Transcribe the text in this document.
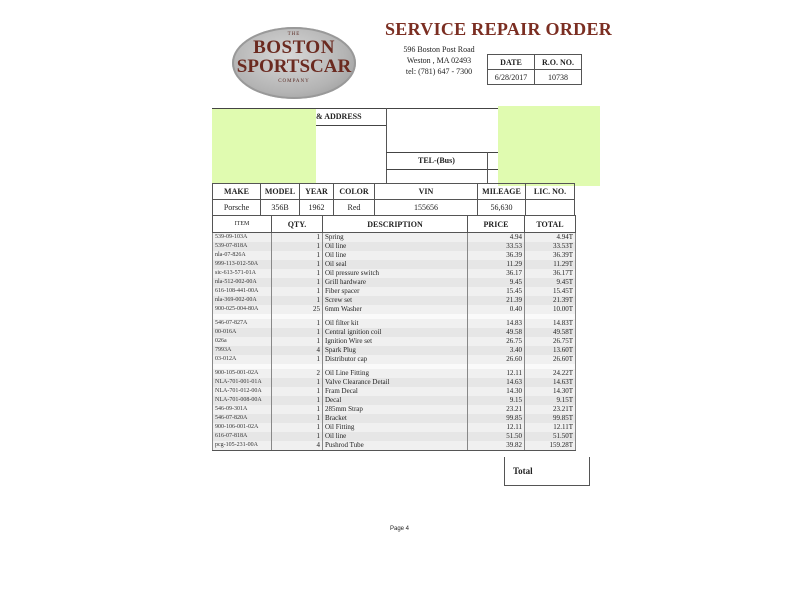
THE
BOSTON
SPORTSCAR
COMPANY
SERVICE REPAIR ORDER
596 Boston Post Road
Weston , MA 02493
tel: (781) 647 - 7300
DATE	R.O. NO.
6/28/2017	10738
& ADDRESS
TEL-(Bus)
MAKE	MODEL	YEAR	COLOR	VIN	MILEAGE	LIC. NO.
Porsche	356B	1962	Red	155656	56,630	
ITEM	QTY.	DESCRIPTION	PRICE	TOTAL
539-09-103A	1	Spring	4.94	4.94T
539-07-818A	1	Oil line	33.53	33.53T
nla-07-826A	1	Oil line	36.39	36.39T
999-113-012-50A	1	Oil seal	11.29	11.29T
sic-613-571-01A	1	Oil pressure switch	36.17	36.17T
nla-512-002-00A	1	Grill hardware	9.45	9.45T
616-108-441-00A	1	Fiber spacer	15.45	15.45T
nla-369-002-00A	1	Screw set	21.39	21.39T
900-025-004-80A	25	6mm Washer	0.40	10.00T

546-07-827A	1	Oil filter kit	14.83	14.83T
00-016A	1	Central ignition coil	49.58	49.58T
026a	1	Ignition Wire set	26.75	26.75T
7993A	4	Spark Plug	3.40	13.60T
03-012A	1	Distributor cap	26.60	26.60T

900-105-001-02A	2	Oil Line Fitting	12.11	24.22T
NLA-701-001-01A	1	Valve Clearance Detail	14.63	14.63T
NLA-701-012-00A	1	Fram Decal	14.30	14.30T
NLA-701-008-00A	1	Decal	9.15	9.15T
546-09-301A	1	285mm Strap	23.21	23.21T
546-07-820A	1	Bracket	99.85	99.85T
900-106-001-02A	1	Oil Fitting	12.11	12.11T
616-07-818A	1	Oil line	51.50	51.50T
pcg-105-231-00A	4	Pushrod Tube	39.82	159.28T
Total
Page 4
